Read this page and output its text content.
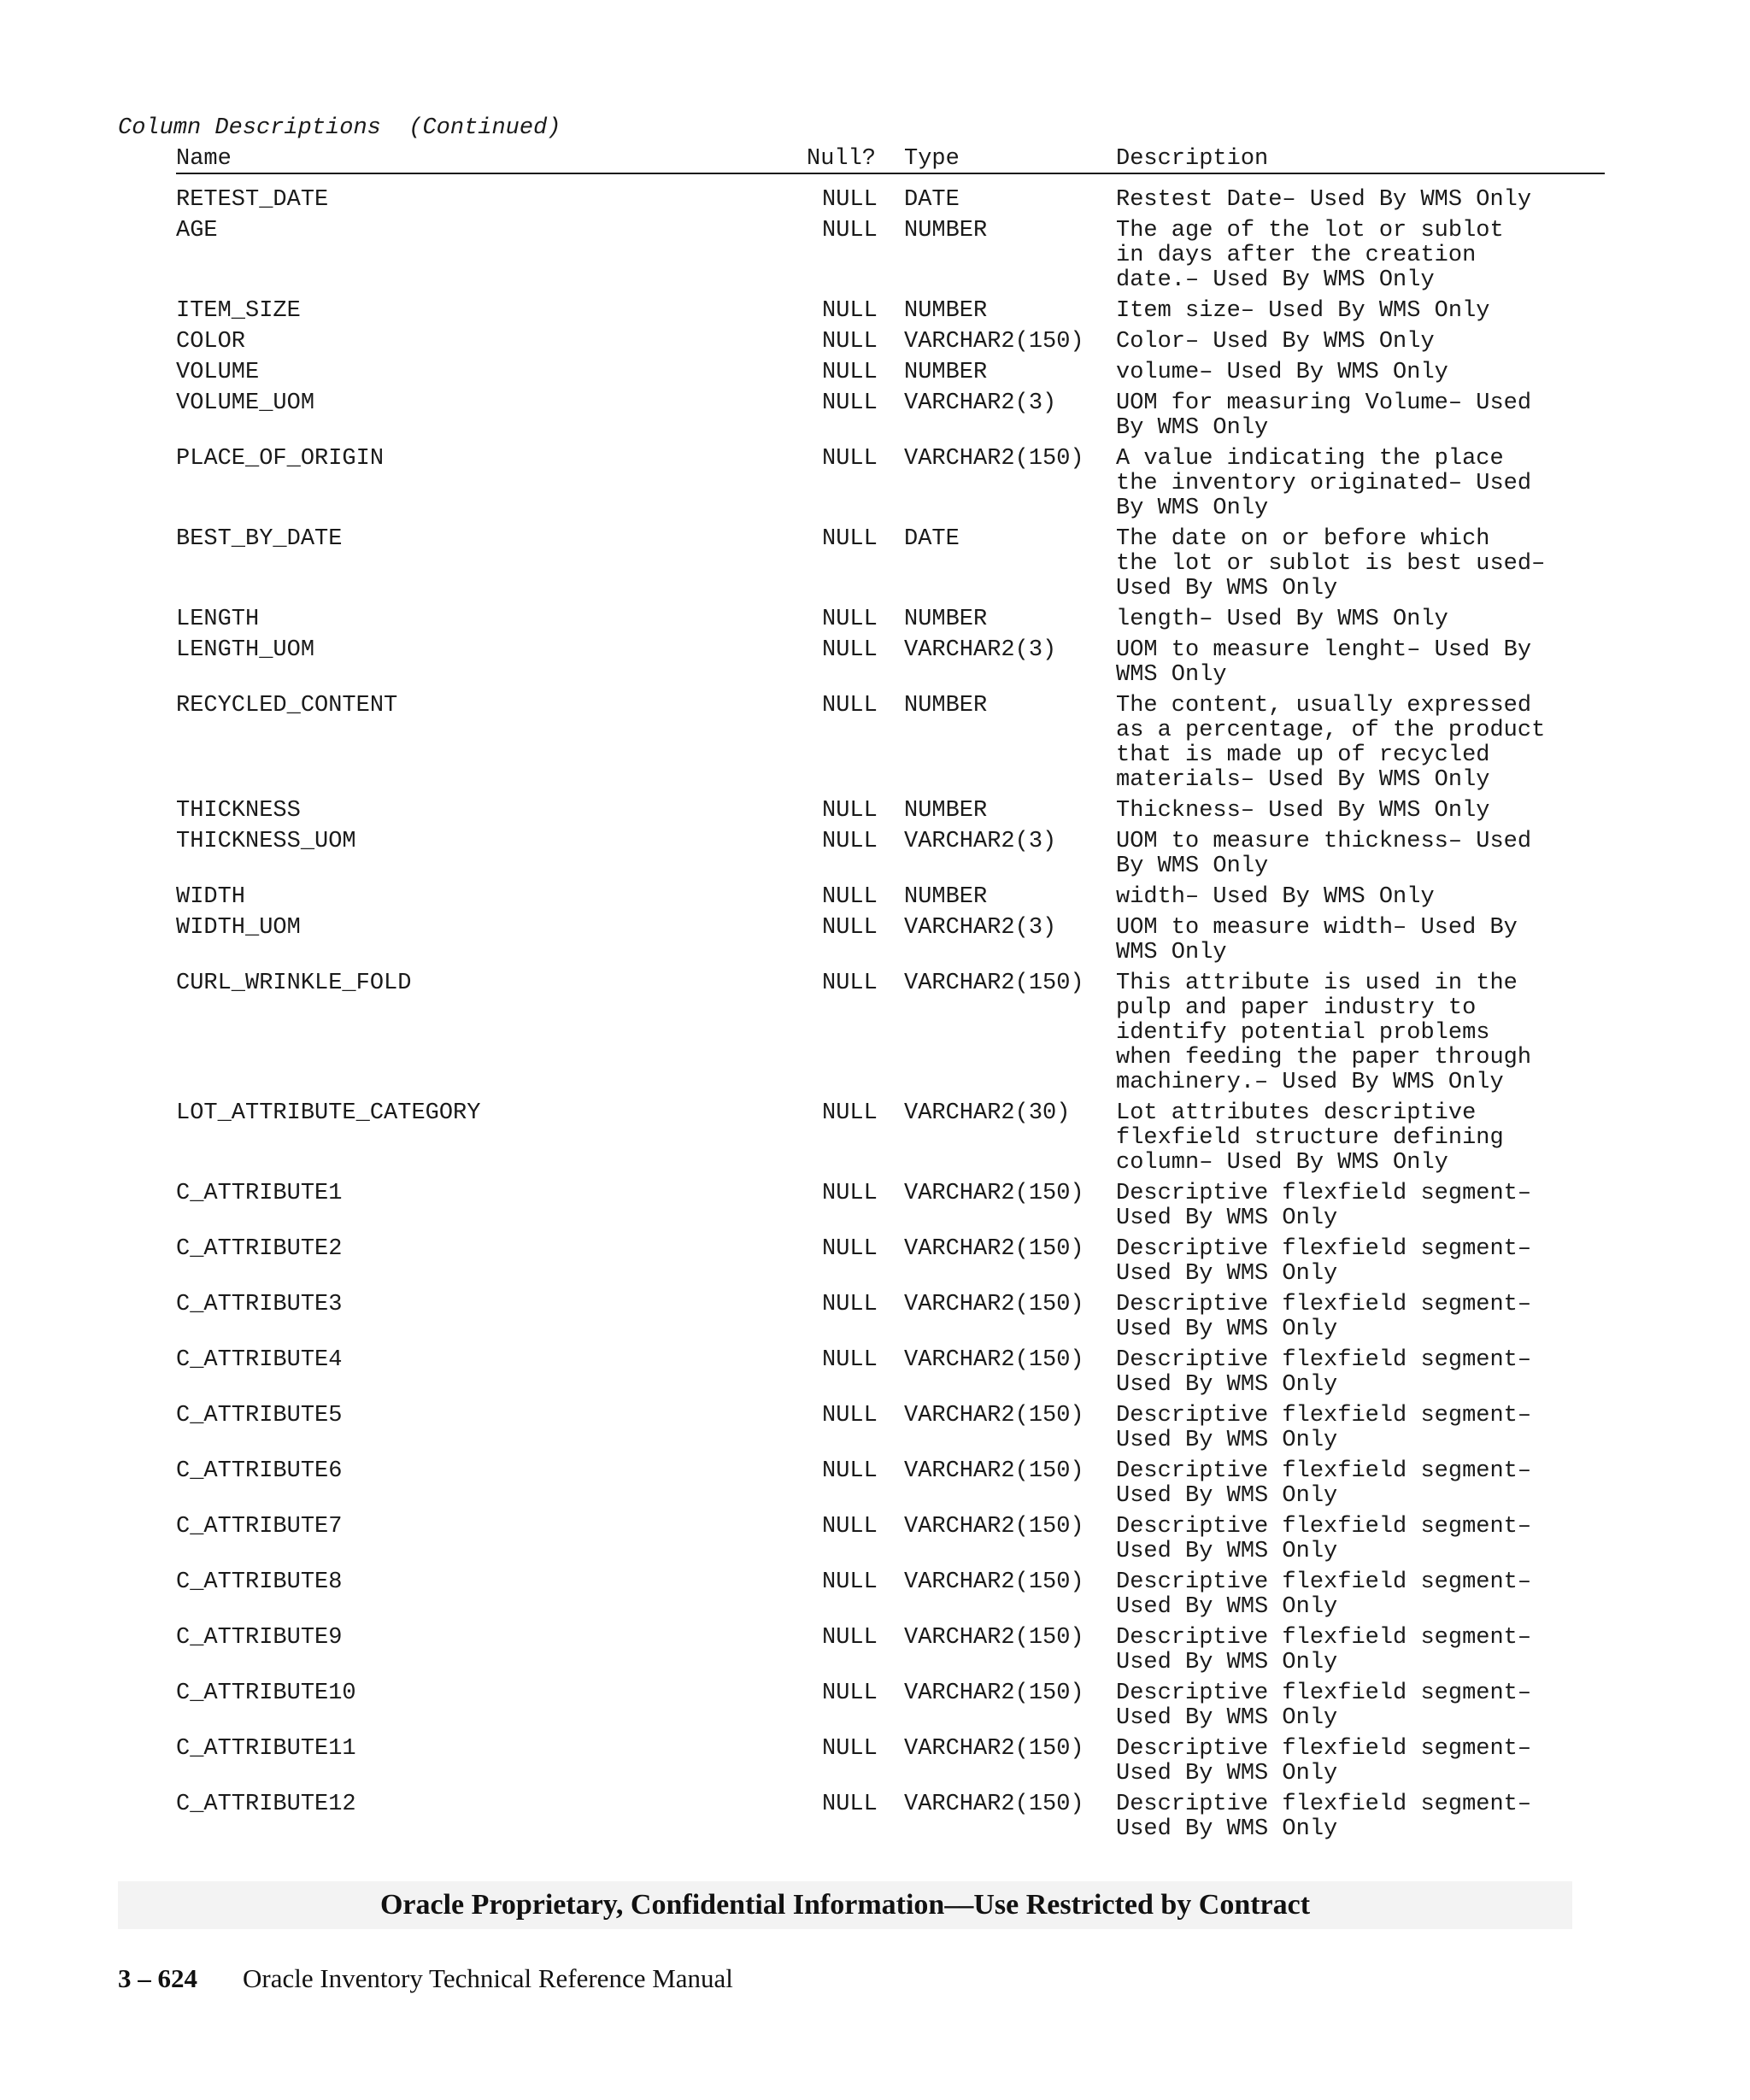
Column Descriptions  (Continued)
Name	Null? Type	Description
RETEST_DATE	NULL	DATE	Restest Date– Used By WMS Only
AGE	NULL	NUMBER	The age of the lot or sublot
in days after the creation
date.– Used By WMS Only
ITEM_SIZE	NULL	NUMBER	Item size– Used By WMS Only
COLOR	NULL	VARCHAR2(150)	Color– Used By WMS Only
VOLUME	NULL	NUMBER	volume– Used By WMS Only
VOLUME_UOM	NULL	VARCHAR2(3)	UOM for measuring Volume– Used
By WMS Only
PLACE_OF_ORIGIN	NULL	VARCHAR2(150)	A value indicating the place
the inventory originated– Used
By WMS Only
BEST_BY_DATE	NULL	DATE	The date on or before which
the lot or sublot is best used–
Used By WMS Only
LENGTH	NULL	NUMBER	length– Used By WMS Only
LENGTH_UOM	NULL	VARCHAR2(3)	UOM to measure lenght– Used By
WMS Only
RECYCLED_CONTENT	NULL	NUMBER	The content, usually expressed
as a percentage, of the product
that is made up of recycled
materials– Used By WMS Only
THICKNESS	NULL	NUMBER	Thickness– Used By WMS Only
THICKNESS_UOM	NULL	VARCHAR2(3)	UOM to measure thickness– Used
By WMS Only
WIDTH	NULL	NUMBER	width– Used By WMS Only
WIDTH_UOM	NULL	VARCHAR2(3)	UOM to measure width– Used By
WMS Only
CURL_WRINKLE_FOLD	NULL	VARCHAR2(150)	This attribute is used in the
pulp and paper industry to
identify potential problems
when feeding the paper through
machinery.– Used By WMS Only
LOT_ATTRIBUTE_CATEGORY	NULL	VARCHAR2(30)	Lot attributes descriptive
flexfield structure defining
column– Used By WMS Only
C_ATTRIBUTE1	NULL	VARCHAR2(150)	Descriptive flexfield segment–
Used By WMS Only
C_ATTRIBUTE2	NULL	VARCHAR2(150)	Descriptive flexfield segment–
Used By WMS Only
C_ATTRIBUTE3	NULL	VARCHAR2(150)	Descriptive flexfield segment–
Used By WMS Only
C_ATTRIBUTE4	NULL	VARCHAR2(150)	Descriptive flexfield segment–
Used By WMS Only
C_ATTRIBUTE5	NULL	VARCHAR2(150)	Descriptive flexfield segment–
Used By WMS Only
C_ATTRIBUTE6	NULL	VARCHAR2(150)	Descriptive flexfield segment–
Used By WMS Only
C_ATTRIBUTE7	NULL	VARCHAR2(150)	Descriptive flexfield segment–
Used By WMS Only
C_ATTRIBUTE8	NULL	VARCHAR2(150)	Descriptive flexfield segment–
Used By WMS Only
C_ATTRIBUTE9	NULL	VARCHAR2(150)	Descriptive flexfield segment–
Used By WMS Only
C_ATTRIBUTE10	NULL	VARCHAR2(150)	Descriptive flexfield segment–
Used By WMS Only
C_ATTRIBUTE11	NULL	VARCHAR2(150)	Descriptive flexfield segment–
Used By WMS Only
C_ATTRIBUTE12	NULL	VARCHAR2(150)	Descriptive flexfield segment–
Used By WMS Only
Oracle Proprietary, Confidential Information––Use Restricted by Contract
3 – 624 Oracle Inventory Technical Reference Manual
